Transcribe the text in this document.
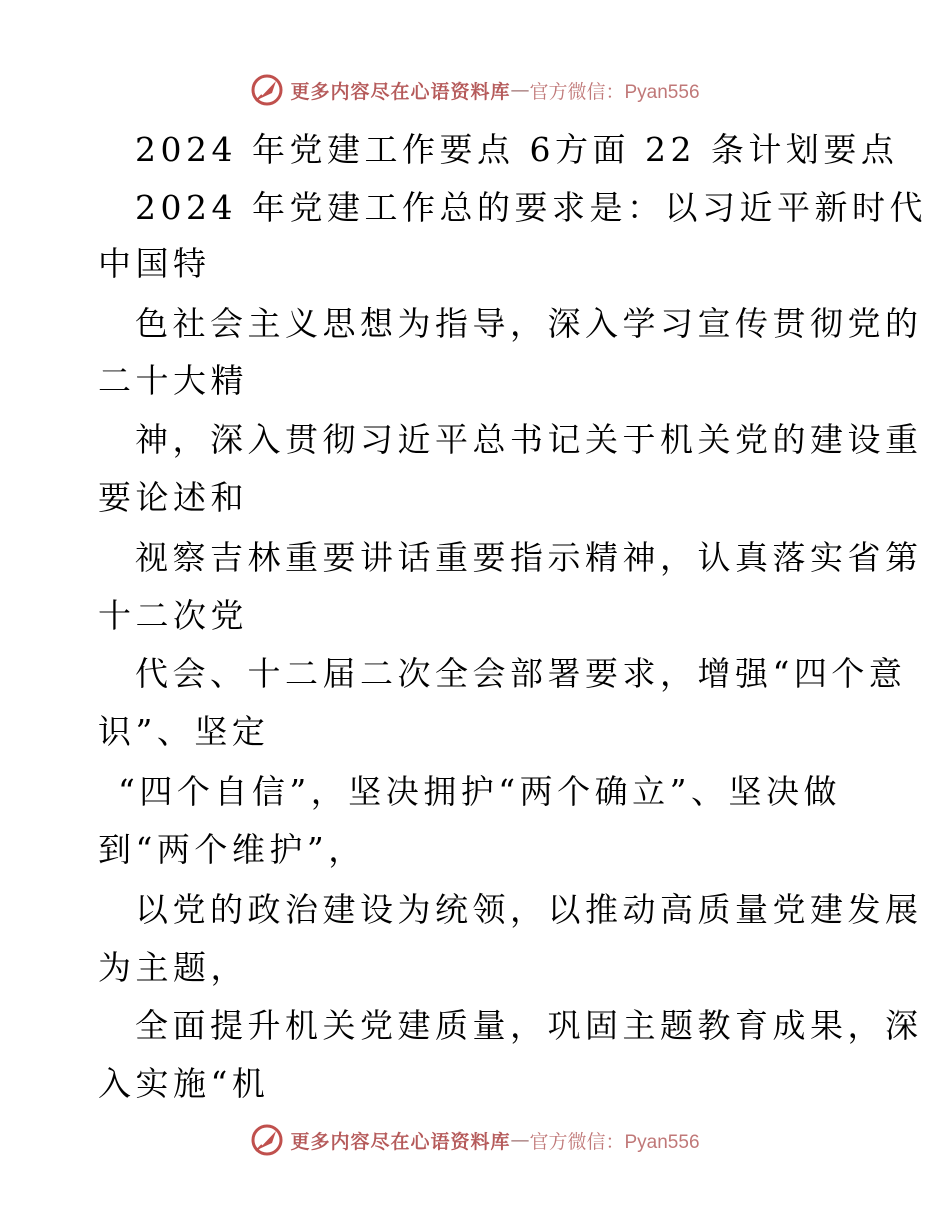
更多内容尽在心语资料库 — 官方微信：Pyan556
2024 年党建工作要点 6方面 22 条计划要点
2024 年党建工作总的要求是：以习近平新时代
中国特
色社会主义思想为指导，深入学习宣传贯彻党的
二十大精
神，深入贯彻习近平总书记关于机关党的建设重
要论述和
视察吉林重要讲话重要指示精神，认真落实省第
十二次党
代会、十二届二次全会部署要求，增强“四个意
识”、坚定
“四个自信”，坚决拥护“两个确立”、坚决做
到“两个维护”，
以党的政治建设为统领，以推动高质量党建发展
为主题，
全面提升机关党建质量，巩固主题教育成果，深
入实施“机
更多内容尽在心语资料库 — 官方微信：Pyan556
